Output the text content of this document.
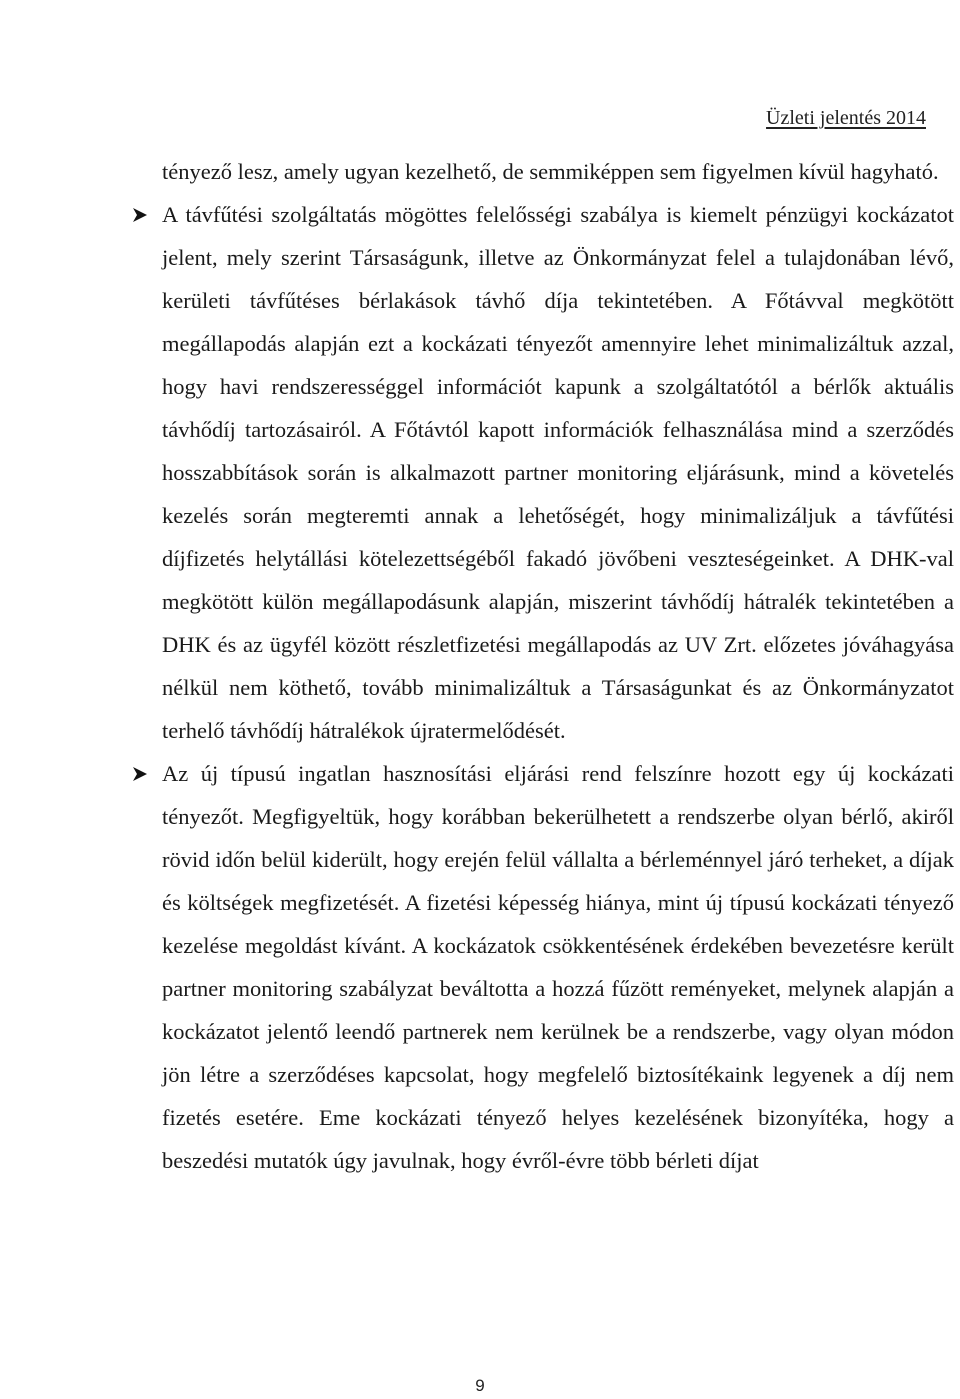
Üzleti jelentés 2014

tényező lesz, amely ugyan kezelhető, de semmiképpen sem figyelmen kívül hagyható.

A távfűtési szolgáltatás mögöttes felelősségi szabálya is kiemelt pénzügyi kockázatot jelent, mely szerint Társaságunk, illetve az Önkormányzat felel a tulajdonában lévő, kerületi távfűtéses bérlakások távhő díja tekintetében. A Főtávval megkötött megállapodás alapján ezt a kockázati tényezőt amennyire lehet minimalizáltuk azzal, hogy havi rendszerességgel információt kapunk a szolgáltatótól a bérlők aktuális távhődíj tartozásairól. A Főtávtól kapott információk felhasználása mind a szerződés hosszabbítások során is alkalmazott partner monitoring eljárásunk, mind a követelés kezelés során megteremti annak a lehetőségét, hogy minimalizáljuk a távfűtési díjfizetés helytállási kötelezettségéből fakadó jövőbeni veszteségeinket. A DHK-val megkötött külön megállapodásunk alapján, miszerint távhődíj hátralék tekintetében a DHK és az ügyfél között részletfizetési megállapodás az UV Zrt. előzetes jóváhagyása nélkül nem köthető, tovább minimalizáltuk a Társaságunkat és az Önkormányzatot terhelő távhődíj hátralékok újratermelődését.

Az új típusú ingatlan hasznosítási eljárási rend felszínre hozott egy új kockázati tényezőt. Megfigyeltük, hogy korábban bekerülhetett a rendszerbe olyan bérlő, akiről rövid időn belül kiderült, hogy erején felül vállalta a bérleménnyel járó terheket, a díjak és költségek megfizetését. A fizetési képesség hiánya, mint új típusú kockázati tényező kezelése megoldást kívánt. A kockázatok csökkentésének érdekében bevezetésre került partner monitoring szabályzat beváltotta a hozzá fűzött reményeket, melynek alapján a kockázatot jelentő leendő partnerek nem kerülnek be a rendszerbe, vagy olyan módon jön létre a szerződéses kapcsolat, hogy megfelelő biztosítékaink legyenek a díj nem fizetés esetére. Eme kockázati tényező helyes kezelésének bizonyítéka, hogy a beszedési mutatók úgy javulnak, hogy évről-évre több bérleti díjat

9
